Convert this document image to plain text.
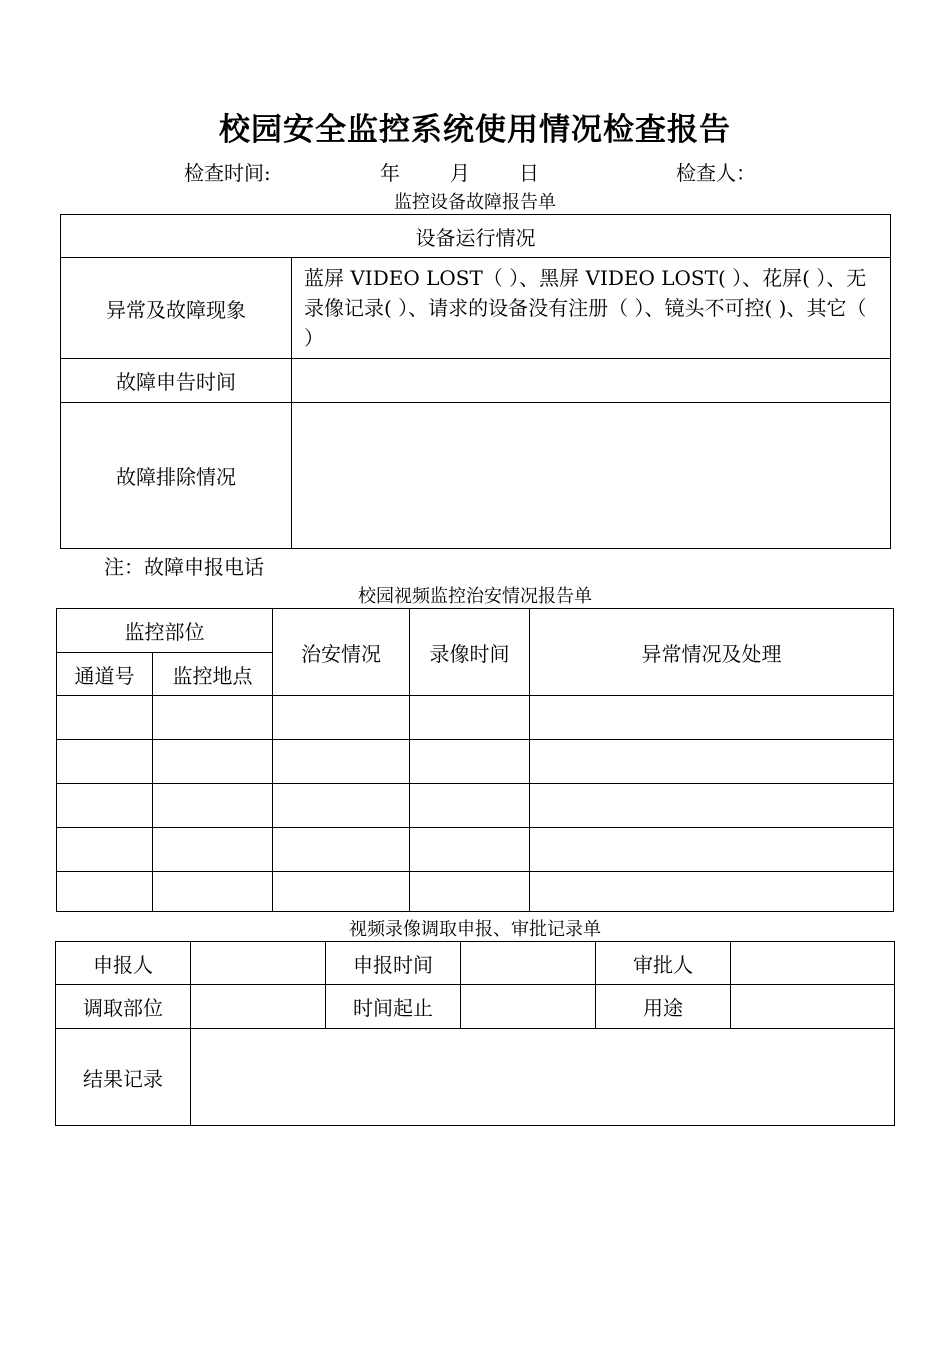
校园安全监控系统使用情况检查报告
检查时间:	年	月 日	检查人：
监控设备故障报告单
设备运行情况	
异常及故障现象	蓝屏 VIDEO LOST（ ）、黑屏 VIDEO LOST( ）、花屏( ）、无录像记录( ）、请求的设备没有注册（ ）、镜头不可控( )、其它（ ）
故障申告时间	
故障排除情况	
注：故障申报电话
校园视频监控治安情况报告单
监控部位		治安情况	录像时间	异常情况及处理
通道号	监控地点			

视频录像调取申报、审批记录单
申报人		申报时间		审批人	
调取部位		时间起止		用途	
结果记录					
